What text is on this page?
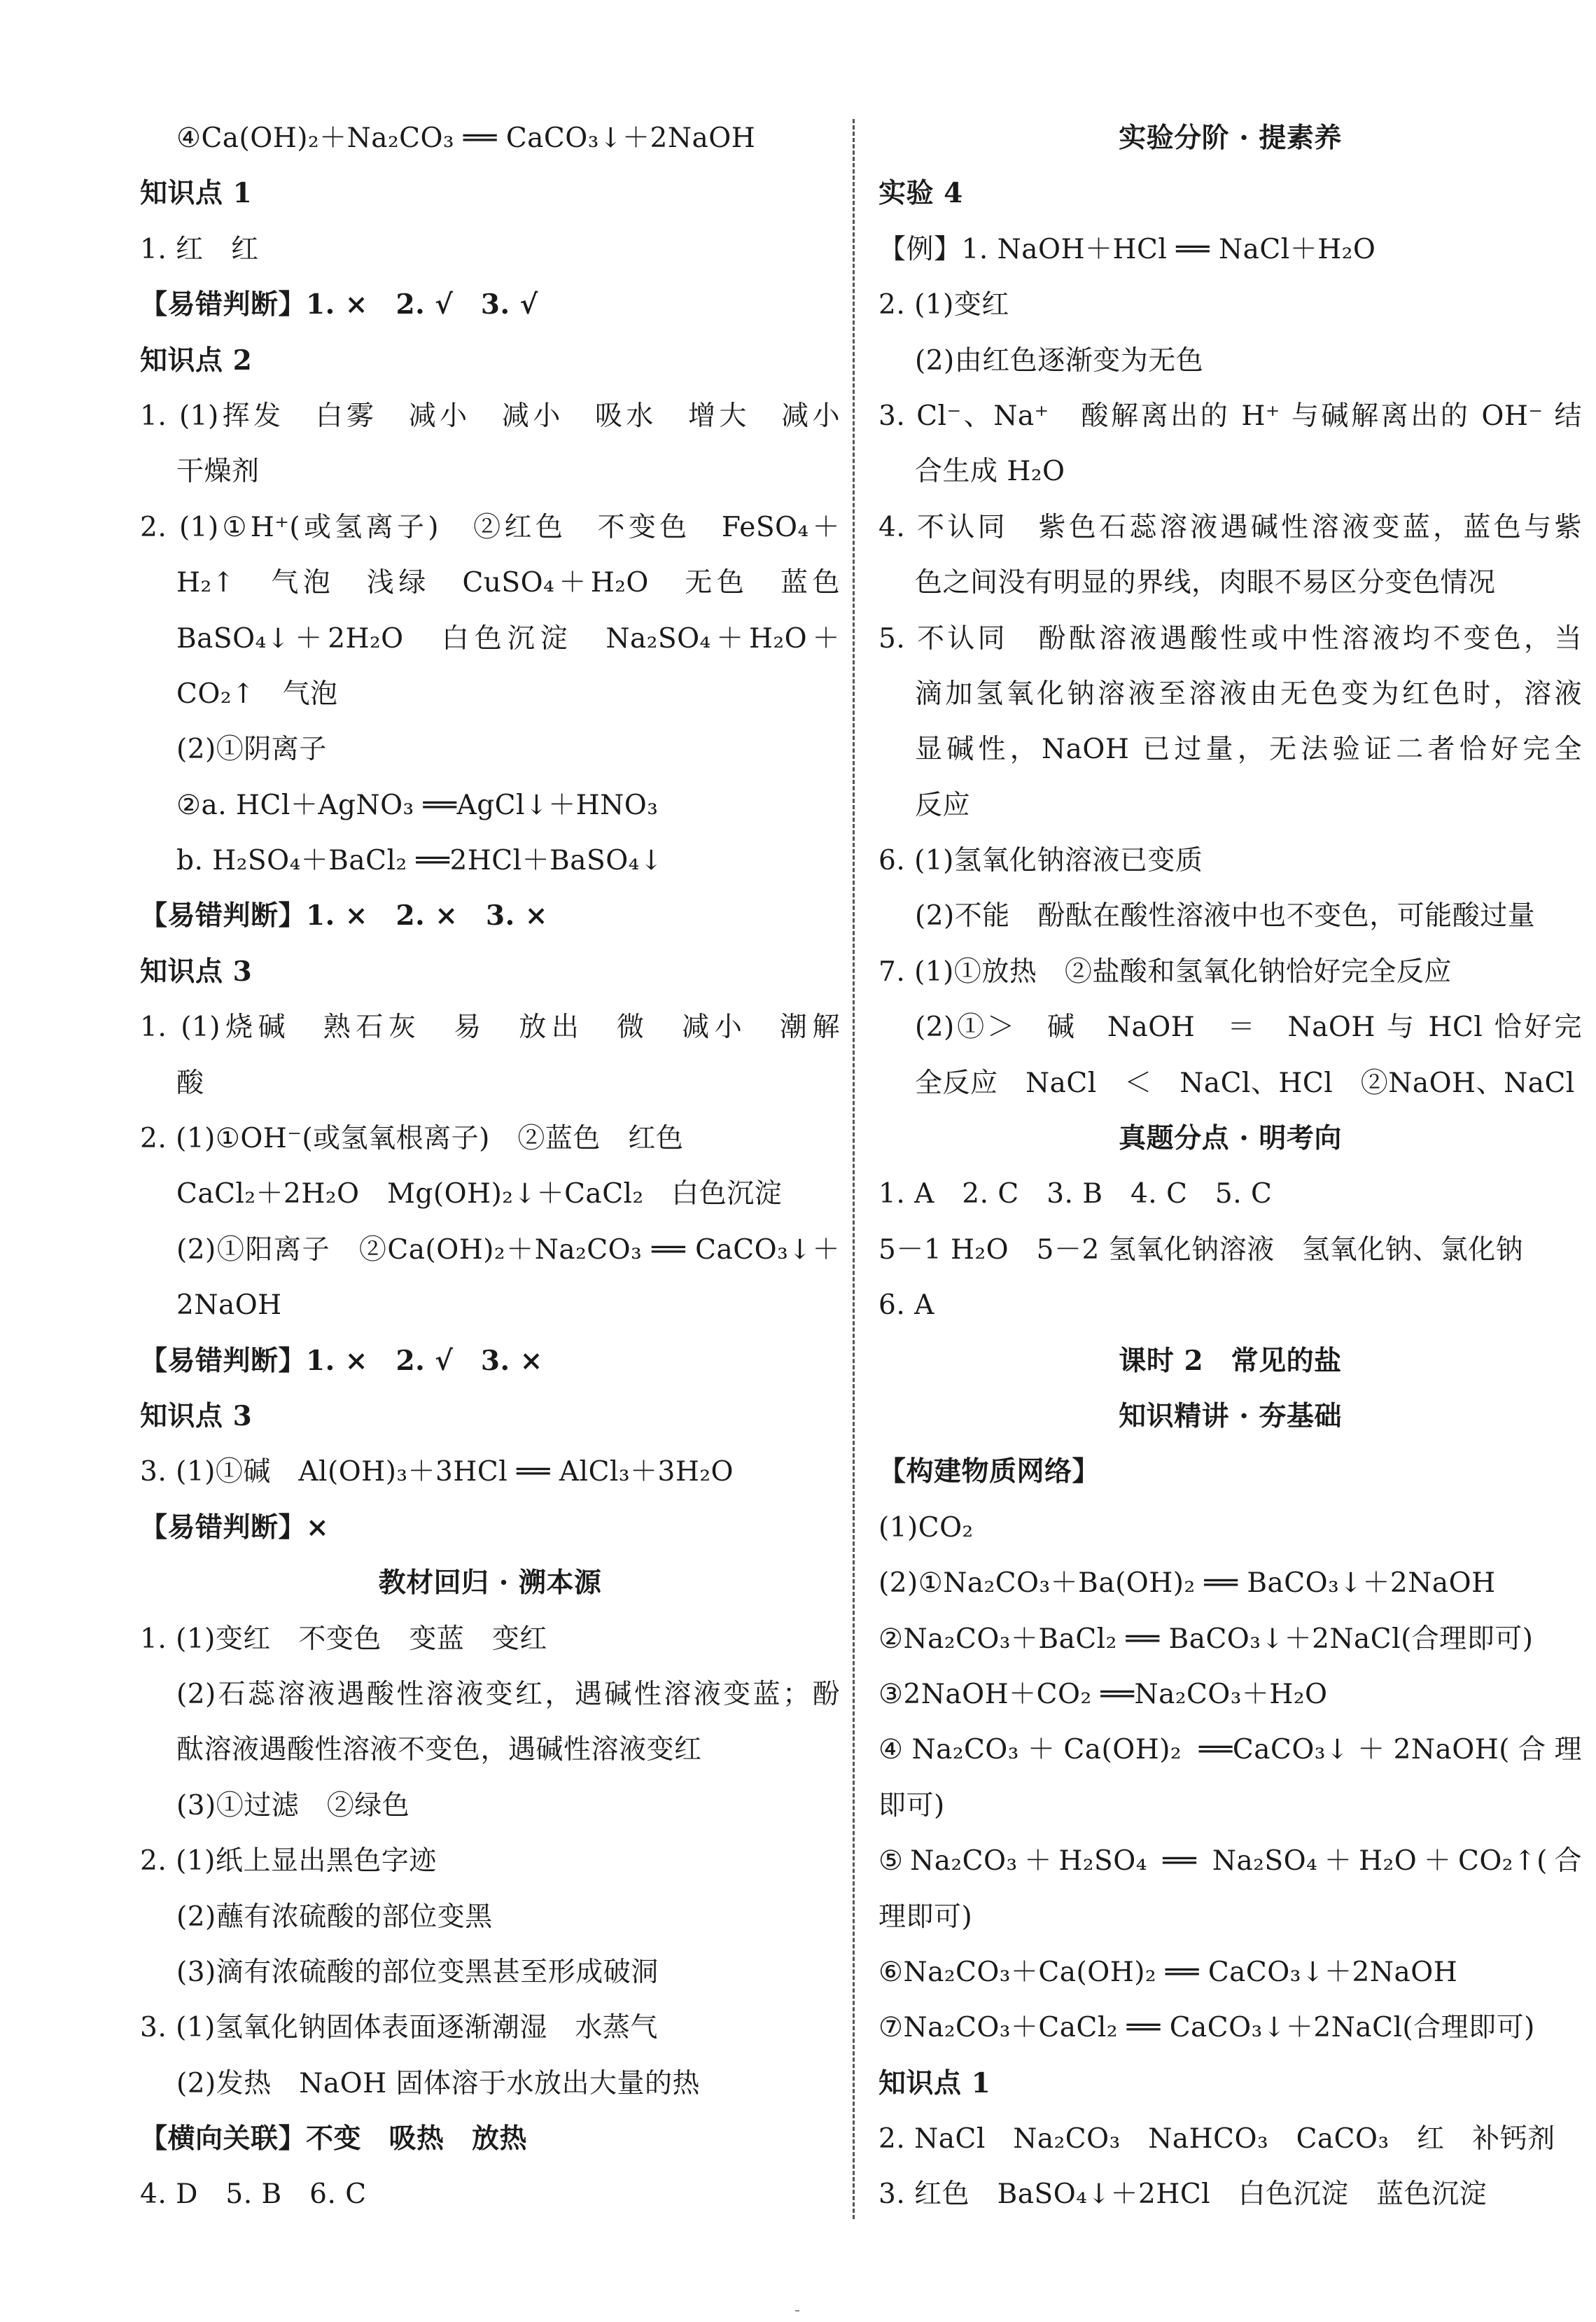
④Ca(OH)₂＋Na₂CO₃ ══ CaCO₃↓＋2NaOH
知识点 1
1. 红　红
【易错判断】1. ×　2. √　3. √
知识点 2
1. (1)挥发　白雾　减小　减小　吸水　增大　减小
干燥剂
2. (1)①H⁺(或氢离子)　②红色　不变色　FeSO₄＋
H₂↑　气泡　浅绿　CuSO₄＋H₂O　无色　蓝色
BaSO₄↓＋2H₂O　白色沉淀　Na₂SO₄＋H₂O＋
CO₂↑　气泡
(2)①阴离子
②a. HCl＋AgNO₃ ══AgCl↓＋HNO₃
b. H₂SO₄＋BaCl₂ ══2HCl＋BaSO₄↓
【易错判断】1. ×　2. ×　3. ×
知识点 3
1. (1)烧碱　熟石灰　易　放出　微　减小　潮解
酸
2. (1)①OH⁻(或氢氧根离子)　②蓝色　红色
CaCl₂＋2H₂O　Mg(OH)₂↓＋CaCl₂　白色沉淀
(2)①阳离子　②Ca(OH)₂＋Na₂CO₃ ══ CaCO₃↓＋
2NaOH
【易错判断】1. ×　2. √　3. ×
知识点 3
3. (1)①碱　Al(OH)₃＋3HCl ══ AlCl₃＋3H₂O
【易错判断】×
教材回归 · 溯本源
1. (1)变红　不变色　变蓝　变红
(2)石蕊溶液遇酸性溶液变红，遇碱性溶液变蓝；酚
酞溶液遇酸性溶液不变色，遇碱性溶液变红
(3)①过滤　②绿色
2. (1)纸上显出黑色字迹
(2)蘸有浓硫酸的部位变黑
(3)滴有浓硫酸的部位变黑甚至形成破洞
3. (1)氢氧化钠固体表面逐渐潮湿　水蒸气
(2)发热　NaOH 固体溶于水放出大量的热
【横向关联】不变　吸热　放热
4. D　5. B　6. C
实验分阶 · 提素养
实验 4
【例】1. NaOH＋HCl ══ NaCl＋H₂O
2. (1)变红
(2)由红色逐渐变为无色
3. Cl⁻、Na⁺　酸解离出的 H⁺ 与碱解离出的 OH⁻ 结
合生成 H₂O
4. 不认同　紫色石蕊溶液遇碱性溶液变蓝，蓝色与紫
色之间没有明显的界线，肉眼不易区分变色情况
5. 不认同　酚酞溶液遇酸性或中性溶液均不变色，当
滴加氢氧化钠溶液至溶液由无色变为红色时，溶液
显碱性，NaOH 已过量，无法验证二者恰好完全
反应
6. (1)氢氧化钠溶液已变质
(2)不能　酚酞在酸性溶液中也不变色，可能酸过量
7. (1)①放热　②盐酸和氢氧化钠恰好完全反应
(2)①＞　碱　NaOH　＝　NaOH 与 HCl 恰好完
全反应　NaCl　＜　NaCl、HCl　②NaOH、NaCl
真题分点 · 明考向
1. A　2. C　3. B　4. C　5. C
5－1 H₂O　5－2 氢氧化钠溶液　氢氧化钠、氯化钠
6. A
课时 2　常见的盐
知识精讲 · 夯基础
【构建物质网络】
(1)CO₂
(2)①Na₂CO₃＋Ba(OH)₂ ══ BaCO₃↓＋2NaOH
②Na₂CO₃＋BaCl₂ ══ BaCO₃↓＋2NaCl(合理即可)
③2NaOH＋CO₂ ══Na₂CO₃＋H₂O
④Na₂CO₃＋Ca(OH)₂ ══CaCO₃↓＋2NaOH(合理
即可)
⑤Na₂CO₃＋H₂SO₄ ══ Na₂SO₄＋H₂O＋CO₂↑(合
理即可)
⑥Na₂CO₃＋Ca(OH)₂ ══ CaCO₃↓＋2NaOH
⑦Na₂CO₃＋CaCl₂ ══ CaCO₃↓＋2NaCl(合理即可)
知识点 1
2. NaCl　Na₂CO₃　NaHCO₃　CaCO₃　红　补钙剂
3. 红色　BaSO₄↓＋2HCl　白色沉淀　蓝色沉淀
